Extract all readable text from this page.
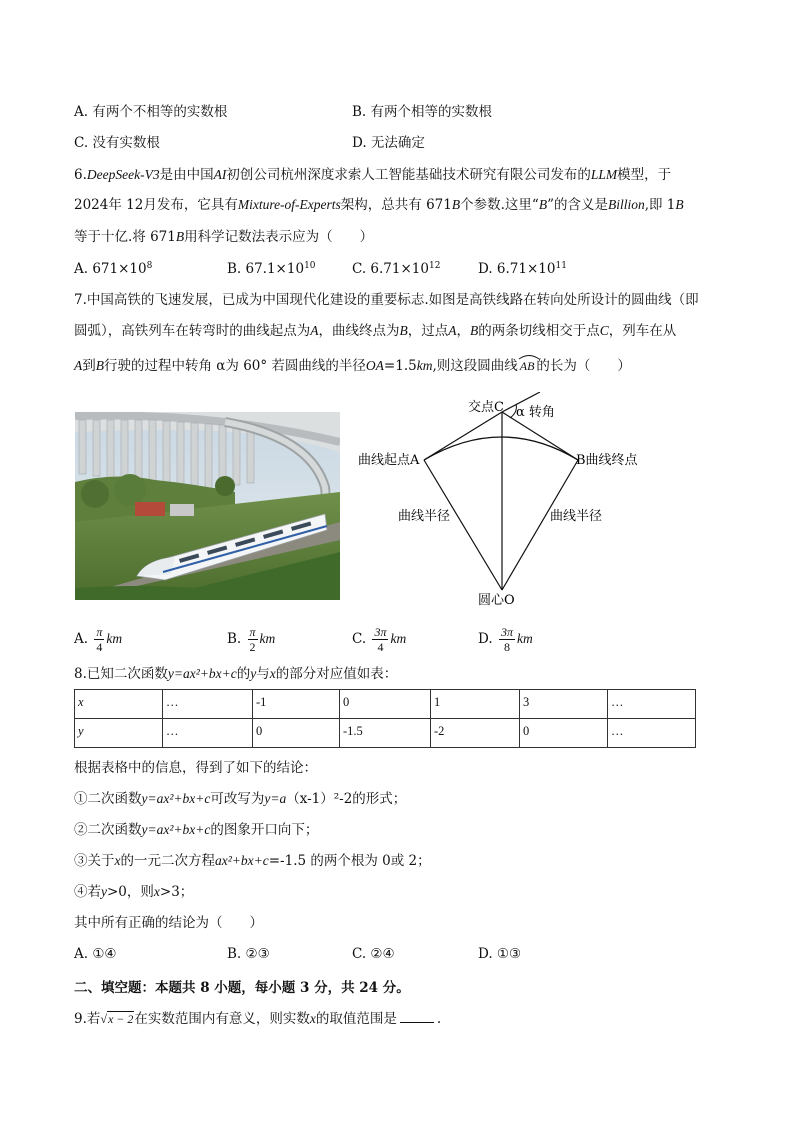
A. 有两个不相等的实数根	B. 有两个相等的实数根
C. 没有实数根	D. 无法确定
6.DeepSeek-V3是由中国AI初创公司杭州深度求索人工智能基础技术研究有限公司发布的LLM模型，于
2024年 12月发布，它具有Mixture-of-Experts架构，总共有 671B个参数.这里“B”的含义是Billion,即 1B
等于十亿.将 671B用科学记数法表示应为（　　）
A. $671\times 10^8$	B. $67.1\times 10^{10}$	C. $6.71\times 10^{12}$	D. $6.71\times 10^{11}$
7.中国高铁的飞速发展，已成为中国现代化建设的重要标志.如图是高铁线路在转向处所设计的圆曲线（即
圆弧），高铁列车在转弯时的曲线起点为A，曲线终点为B，过点A，B的两条切线相交于点C，列车在从
A到B行驶的过程中转角 α为 60° 若圆曲线的半径OA=1.5km,则这段圆曲线 AB 的长为（　　）
交点C α 转角
曲线起点A	B曲线终点
曲线半径	曲线半径
圆心O
A. $\frac{\pi}{4}$ km	B. $\frac{\pi}{2}$ km	C. $\frac{3\pi}{4}$ km	D. $\frac{3\pi}{8}$ km
8.已知二次函数y=ax²+bx+c的y与x的部分对应值如表：
x	…	-1	0	1	3	…
y	…	0	-1.5	-2	0	…
根据表格中的信息，得到了如下的结论：
①二次函数y=ax²+bx+c可改写为y=a（x-1）²-2的形式；
②二次函数y=ax²+bx+c的图象开口向下；
③关于x的一元二次方程ax²+bx+c=-1.5 的两个根为 0或 2；
④若y>0，则x>3；
其中所有正确的结论为（　　）
A. ①④	B. ②③	C. ②④	D. ①③
二、填空题：本题共 8 小题，每小题 3 分，共 24 分。
9.若√x − 2在实数范围内有意义，则实数x的取值范围是	.
